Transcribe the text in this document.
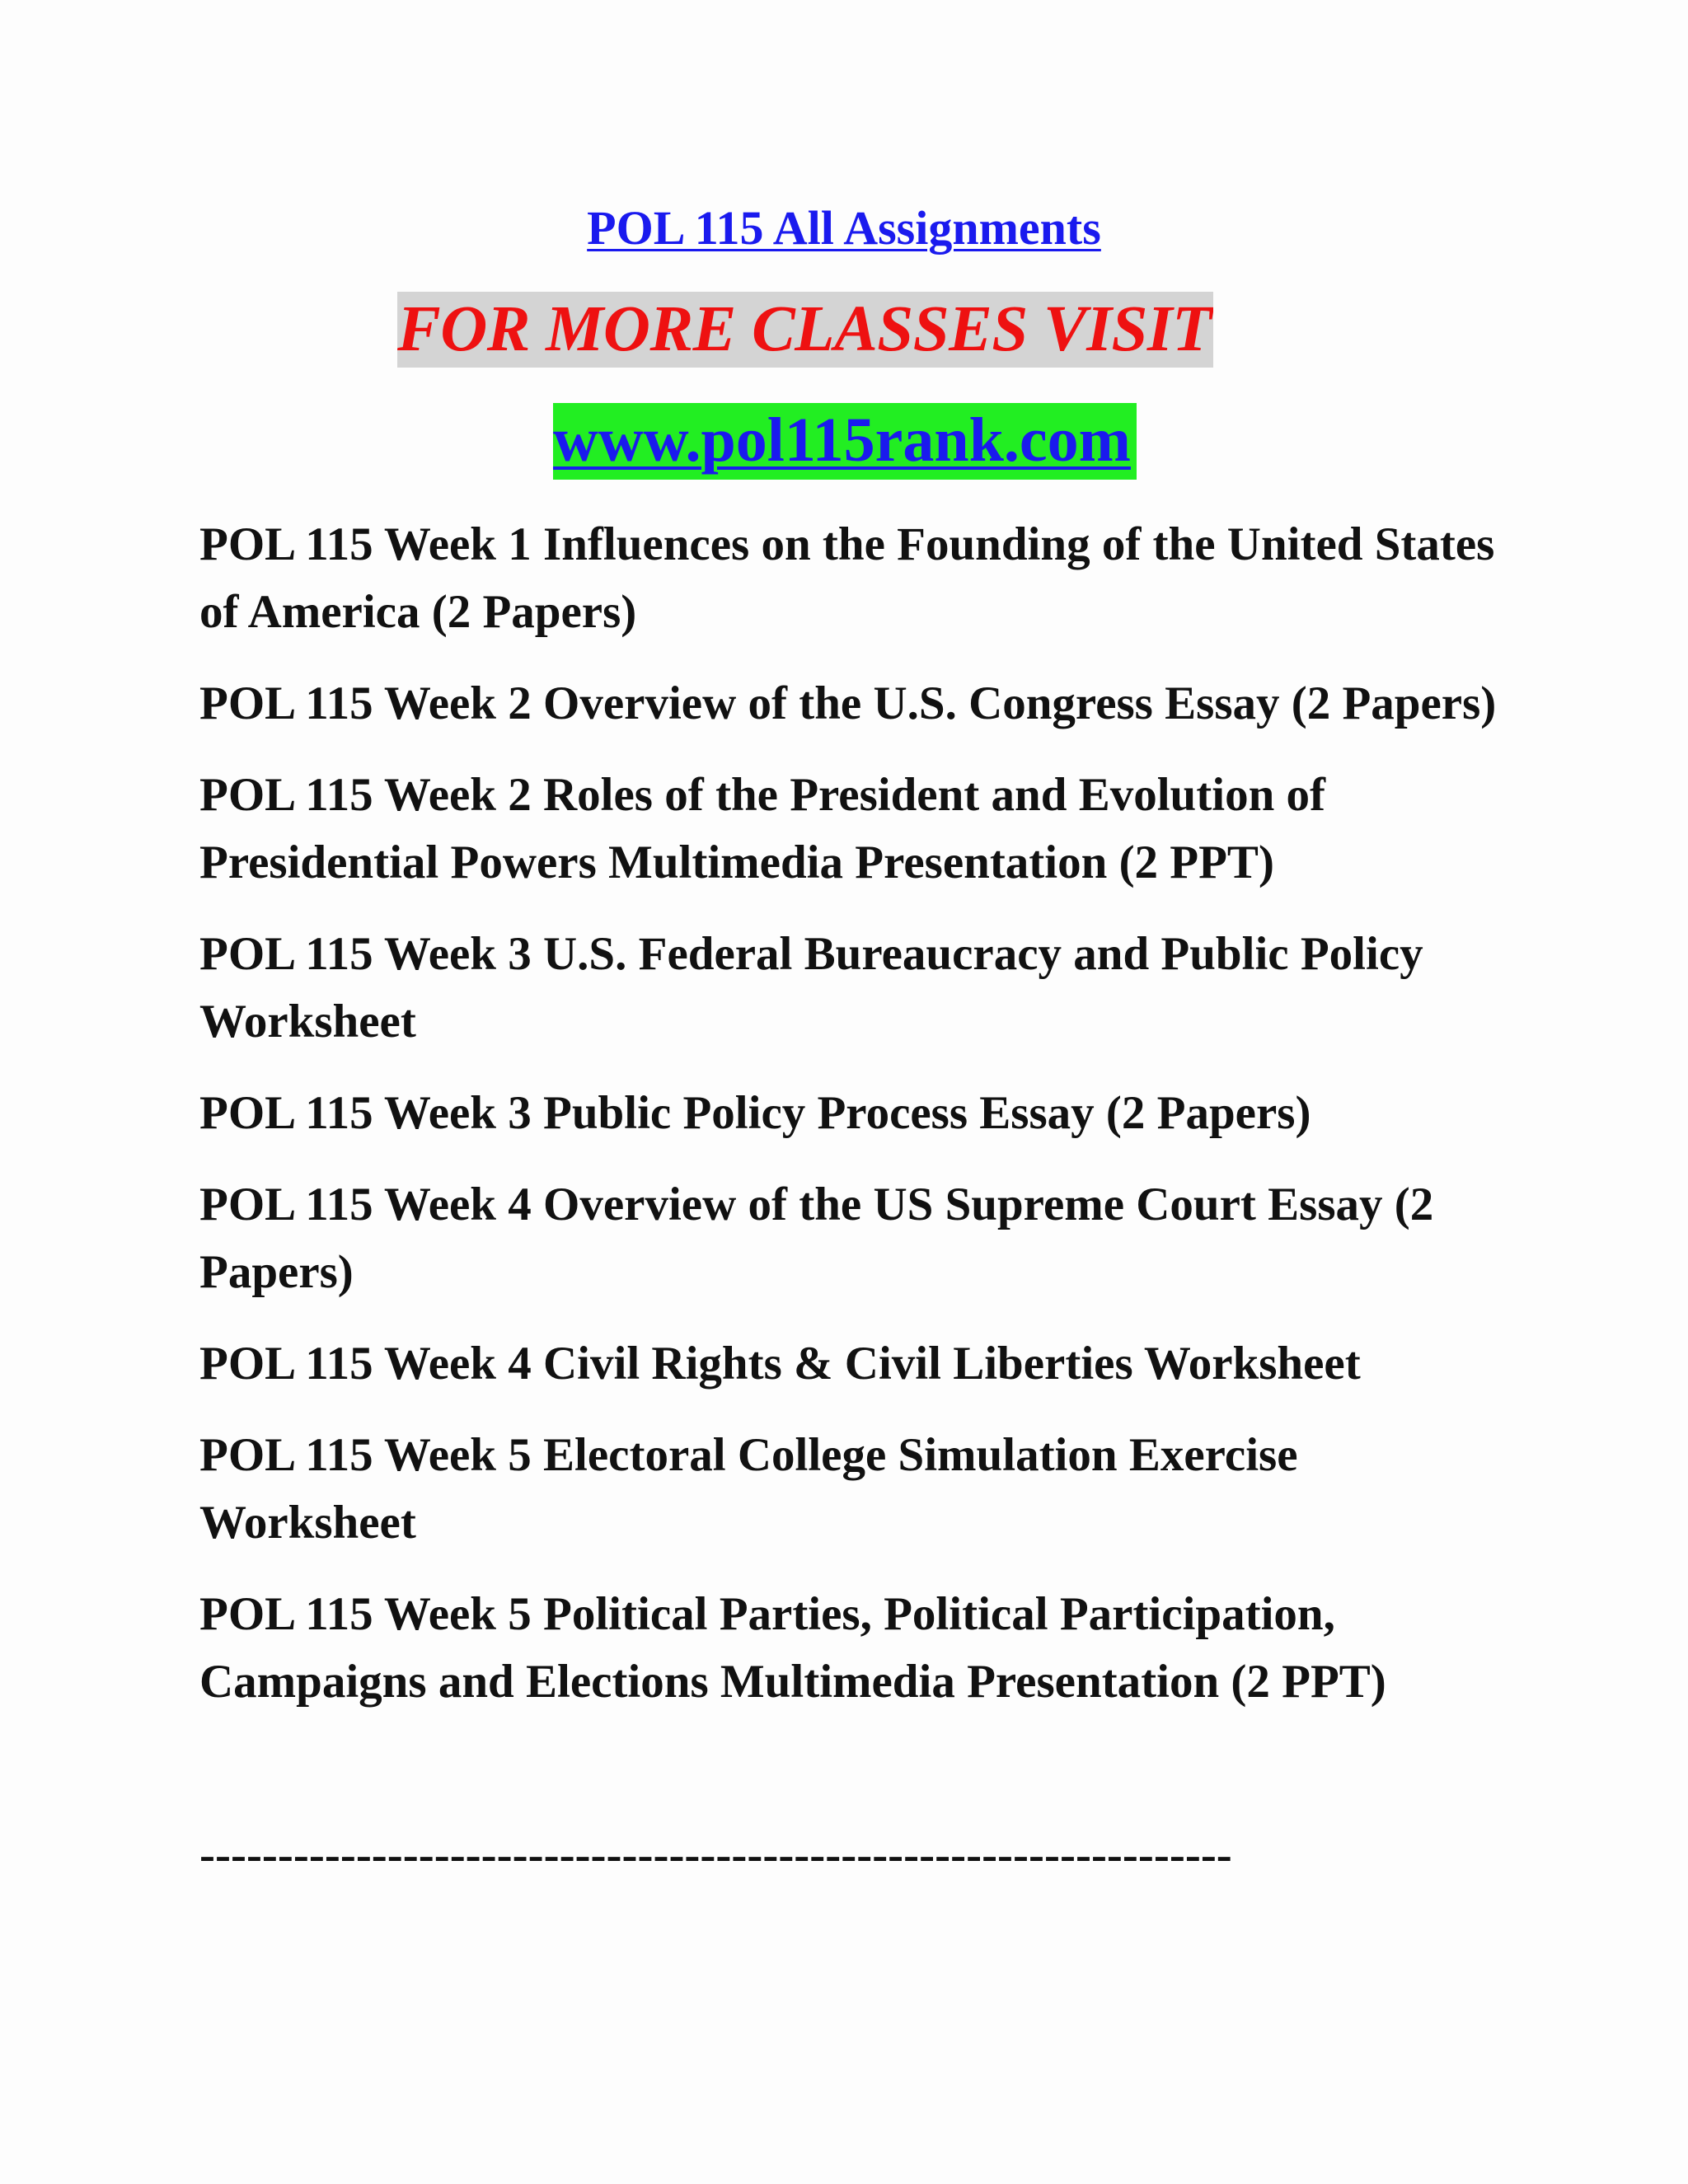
POL 115 All Assignments
FOR MORE CLASSES VISIT
www.pol115rank.com
POL 115 Week 1 Influences on the Founding of the United States of America (2 Papers)
POL 115 Week 2 Overview of the U.S. Congress Essay (2 Papers)
POL 115 Week 2 Roles of the President and Evolution of Presidential Powers Multimedia Presentation (2 PPT)
POL 115 Week 3 U.S. Federal Bureaucracy and Public Policy Worksheet
POL 115 Week 3 Public Policy Process Essay (2 Papers)
POL 115 Week 4 Overview of the US Supreme Court Essay (2 Papers)
POL 115 Week 4 Civil Rights & Civil Liberties Worksheet
POL 115 Week 5 Electoral College Simulation Exercise Worksheet
POL 115 Week 5 Political Parties, Political Participation, Campaigns and Elections Multimedia Presentation (2 PPT)
------------------------------------------------------------------
